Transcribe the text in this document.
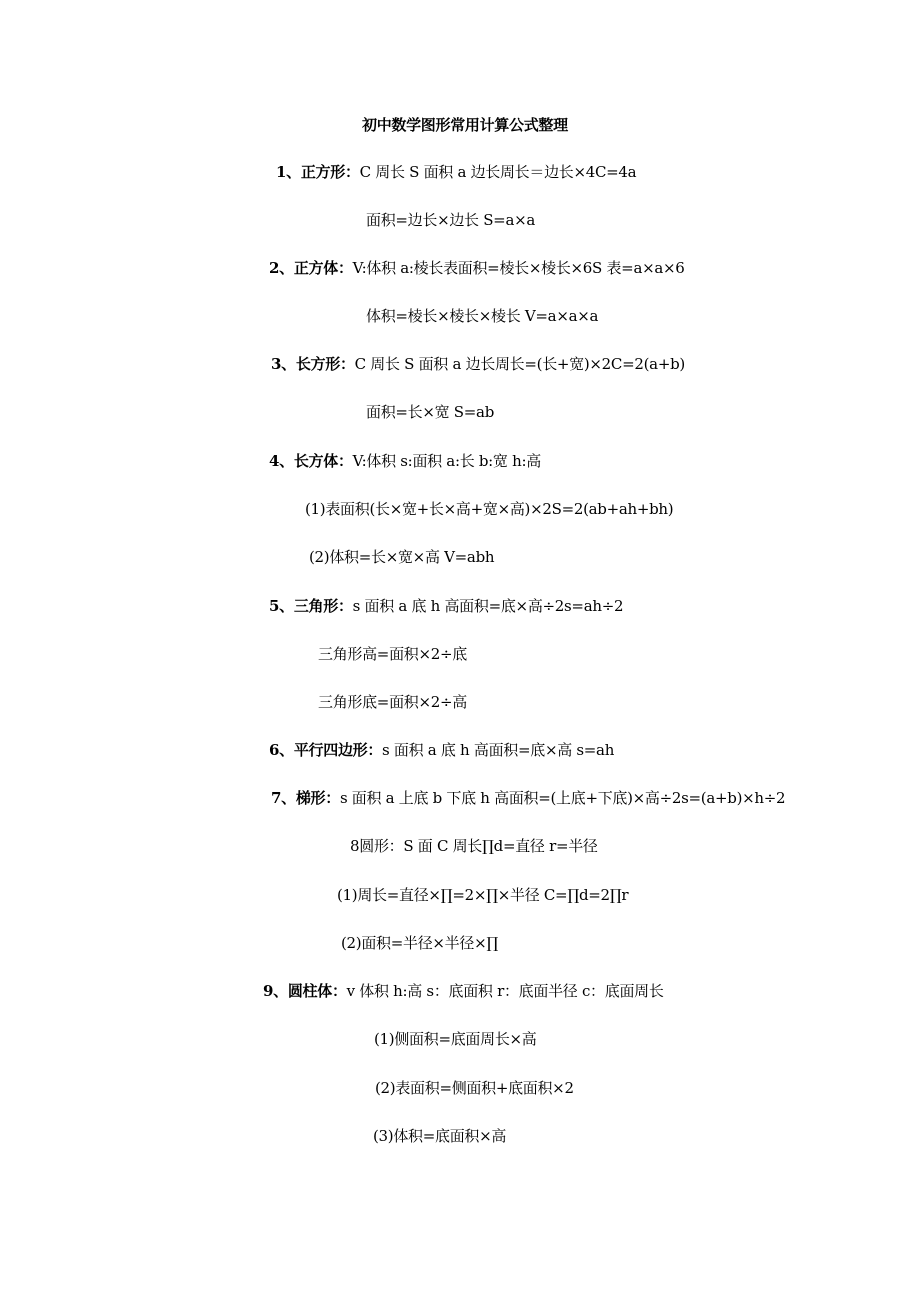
初中数学图形常用计算公式整理
1、正方形：C 周长 S 面积 a 边长周长＝边长×4C=4a
面积=边长×边长 S=a×a
2、正方体：V:体积 a:棱长表面积=棱长×棱长×6S 表=a×a×6
体积=棱长×棱长×棱长 V=a×a×a
3、长方形：C 周长 S 面积 a 边长周长=(长+宽)×2C=2(a+b)
面积=长×宽 S=ab
4、长方体：V:体积 s:面积 a:长 b:宽 h:高
(1)表面积(长×宽+长×高+宽×高)×2S=2(ab+ah+bh)
(2)体积=长×宽×高 V=abh
5、三角形：s 面积 a 底 h 高面积=底×高÷2s=ah÷2
三角形高=面积×2÷底
三角形底=面积×2÷高
6、平行四边形：s 面积 a 底 h 高面积=底×高 s=ah
7、梯形：s 面积 a 上底 b 下底 h 高面积=(上底+下底)×高÷2s=(a+b)×h÷2
8圆形：S 面 C 周长∏d=直径 r=半径
(1)周长=直径×∏=2×∏×半径 C=∏d=2∏r
(2)面积=半径×半径×∏
9、圆柱体：v 体积 h:高 s：底面积 r：底面半径 c：底面周长
(1)侧面积=底面周长×高
(2)表面积=侧面积+底面积×2
(3)体积=底面积×高
